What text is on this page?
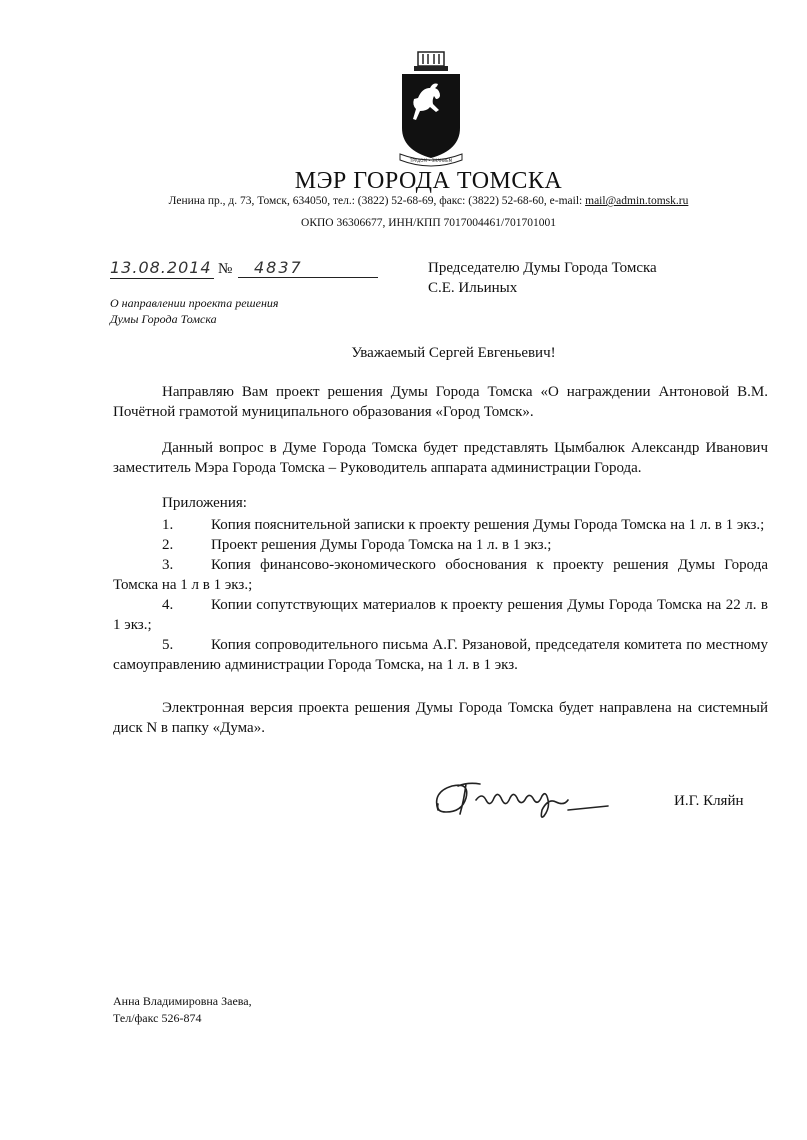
ТРУДОМ • ЗНАНИЕМ
МЭР ГОРОДА ТОМСКА
Ленина пр., д. 73, Томск, 634050, тел.: (3822) 52-68-69, факс: (3822) 52-68-60, e-mail: mail@admin.tomsk.ru
ОКПО 36306677, ИНН/КПП 7017004461/701701001
13.08.2014 №	4837	Председателю Думы Города Томска
С.Е. Ильиных
О направлении проекта решения
Думы Города Томска
Уважаемый Сергей Евгеньевич!
Направляю Вам проект решения Думы Города Томска «О награждении Антоновой В.М. Почётной грамотой муниципального образования «Город Томск».
Данный вопрос в Думе Города Томска будет представлять Цымбалюк Александр Иванович заместитель Мэра Города Томска – Руководитель аппарата администрации Города.
Приложения:
1.	Копия пояснительной записки к проекту решения Думы Города Томска на 1 л. в 1 экз.;
2.	Проект решения Думы Города Томска на 1 л. в 1 экз.;
3.	Копия финансово-экономического обоснования к проекту решения Думы Города Томска на 1 л в 1 экз.;
4.	Копии сопутствующих материалов к проекту решения Думы Города Томска на 22 л. в 1 экз.;
5.	Копия сопроводительного письма А.Г. Рязановой, председателя комитета по местному самоуправлению администрации Города Томска, на 1 л. в 1 экз.
Электронная версия проекта решения Думы Города Томска будет направлена на системный диск N в папку «Дума».
И.Г. Кляйн
Анна Владимировна Заева,
Тел/факс 526-874
